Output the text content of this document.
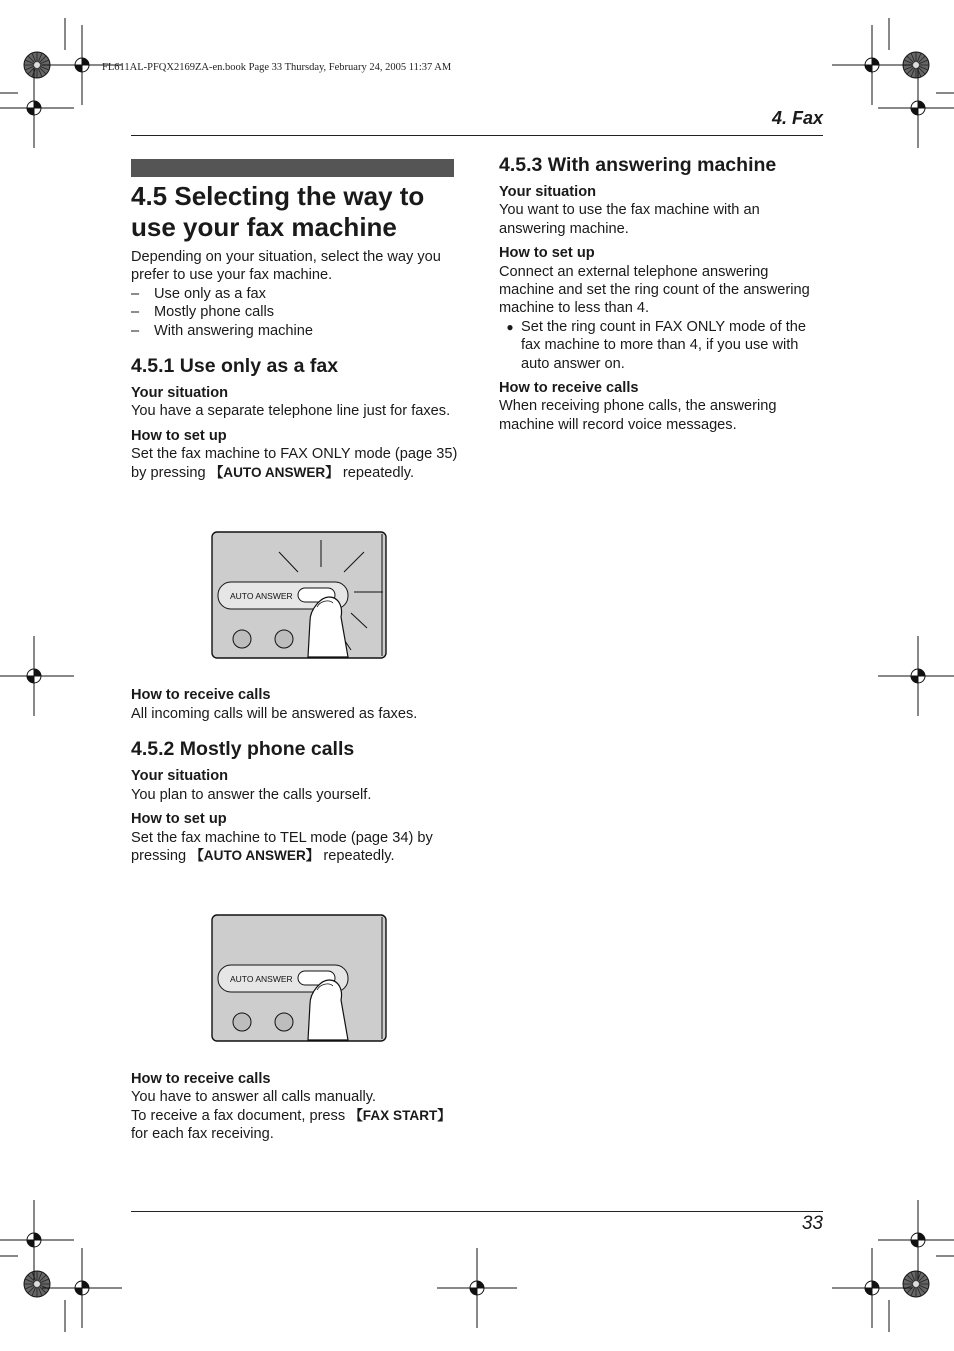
FL611AL-PFQX2169ZA-en.book Page 33 Thursday, February 24, 2005 11:37 AM
4. Fax
33
4.5 Selecting the way to
use your fax machine

Depending on your situation, select the way you prefer to use your fax machine.

–	Use only as a fax
–	Mostly phone calls
–	With answering machine
4.5.1 Use only as a fax
Your situation

You have a separate telephone line just for faxes.

How to set up

Set the fax machine to FAX ONLY mode (page 35) by pressing 【AUTO ANSWER】 repeatedly.

AUTO ANSWER
How to receive calls

All incoming calls will be answered as faxes.

4.5.2 Mostly phone calls
Your situation

You plan to answer the calls yourself.

How to set up

Set the fax machine to TEL mode (page 34) by pressing 【AUTO ANSWER】 repeatedly.

AUTO ANSWER
How to receive calls

You have to answer all calls manually.

To receive a fax document, press 【FAX START】 for each fax receiving.

4.5.3 With answering machine
Your situation

You want to use the fax machine with an answering machine.

How to set up

Connect an external telephone answering machine and set the ring count of the answering machine to less than 4.

● Set the ring count in FAX ONLY mode of the fax machine to more than 4, if you use with auto answer on.
How to receive calls

When receiving phone calls, the answering machine will record voice messages.
